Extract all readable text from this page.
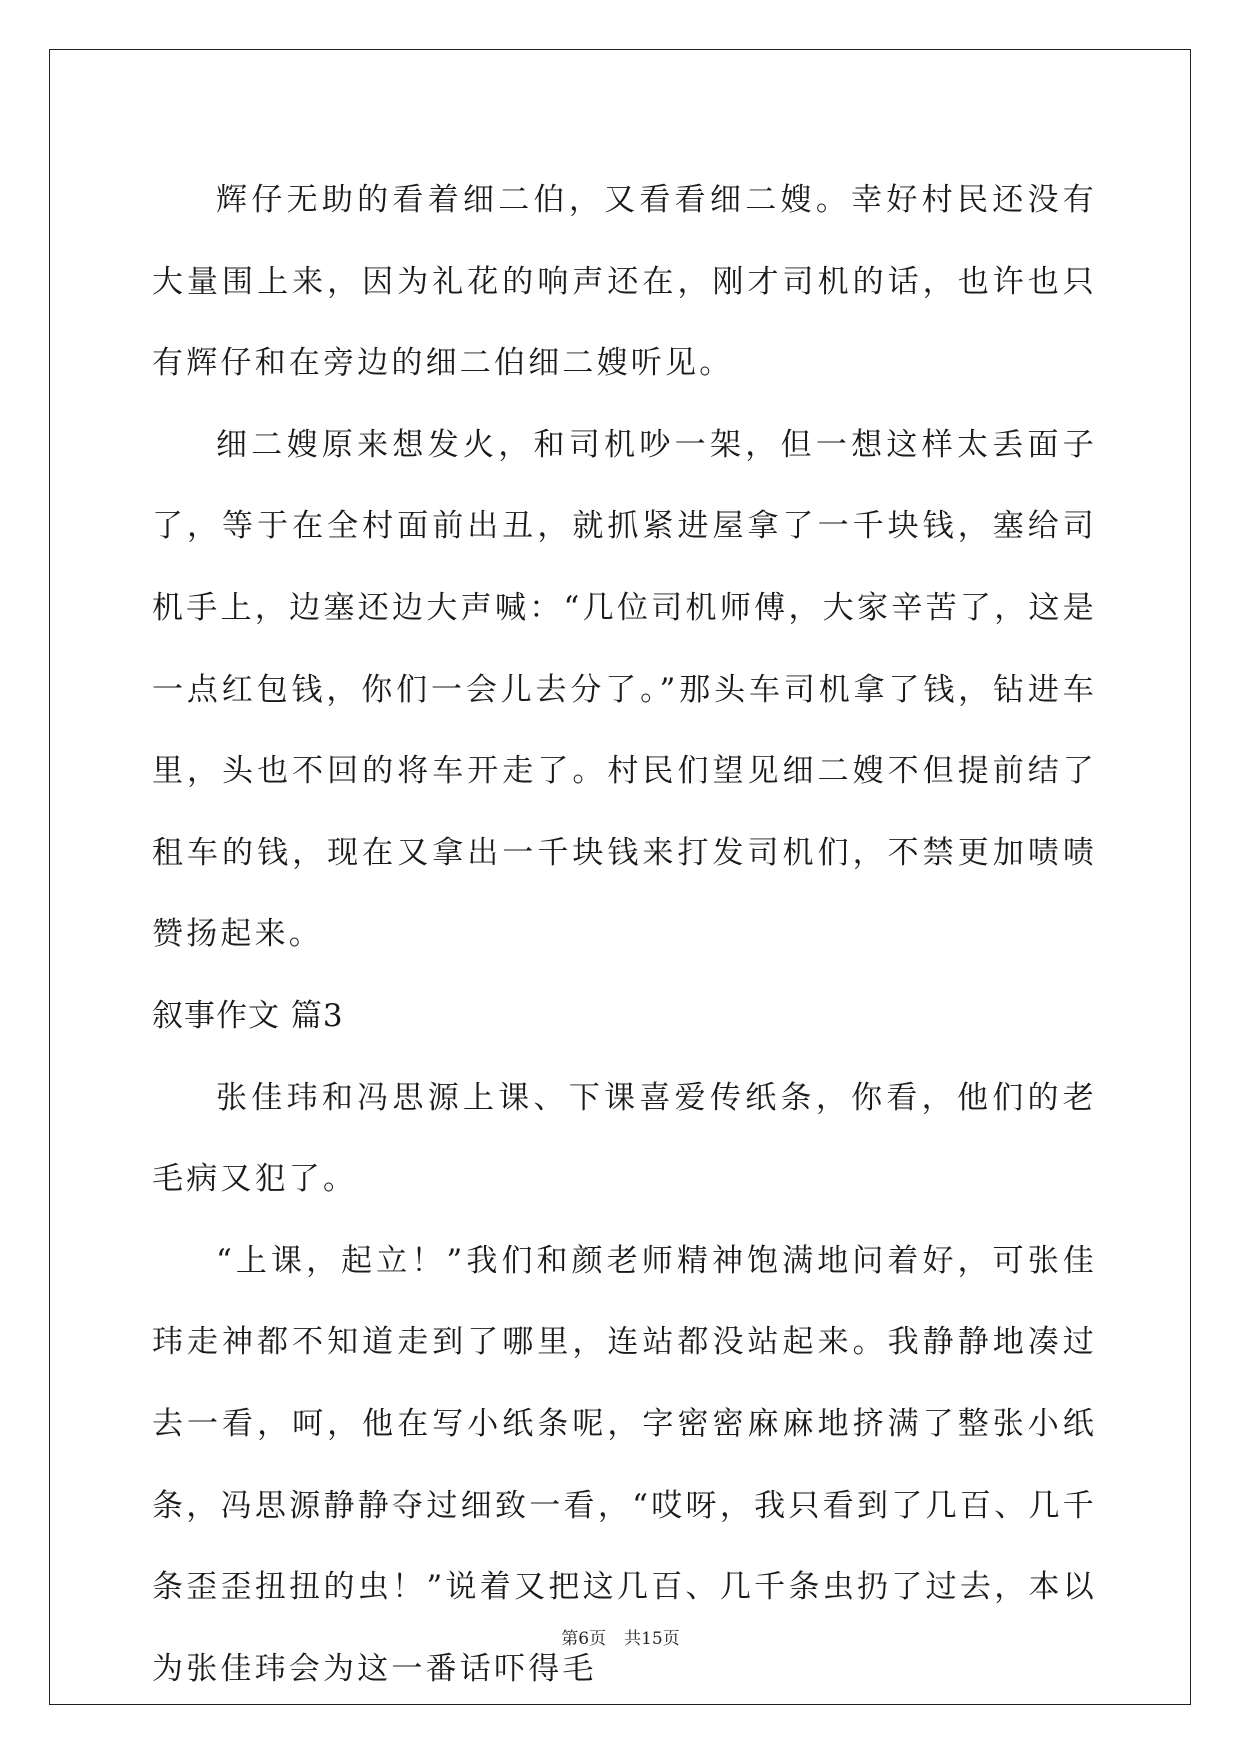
辉仔无助的看着细二伯，又看看细二嫂。幸好村民还没有大量围上来，因为礼花的响声还在，刚才司机的话，也许也只有辉仔和在旁边的细二伯细二嫂听见。

细二嫂原来想发火，和司机吵一架，但一想这样太丢面子了，等于在全村面前出丑，就抓紧进屋拿了一千块钱，塞给司机手上，边塞还边大声喊：“几位司机师傅，大家辛苦了，这是一点红包钱，你们一会儿去分了。”那头车司机拿了钱，钻进车里，头也不回的将车开走了。村民们望见细二嫂不但提前结了租车的钱，现在又拿出一千块钱来打发司机们，不禁更加啧啧赞扬起来。

叙事作文 篇3

张佳玮和冯思源上课、下课喜爱传纸条，你看，他们的老毛病又犯了。

“上课，起立！”我们和颜老师精神饱满地问着好，可张佳玮走神都不知道走到了哪里，连站都没站起来。我静静地凑过去一看，呵，他在写小纸条呢，字密密麻麻地挤满了整张小纸条，冯思源静静夺过细致一看，“哎呀，我只看到了几百、几千条歪歪扭扭的虫！”说着又把这几百、几千条虫扔了过去，本以为张佳玮会为这一番话吓得毛

第6页 共15页
